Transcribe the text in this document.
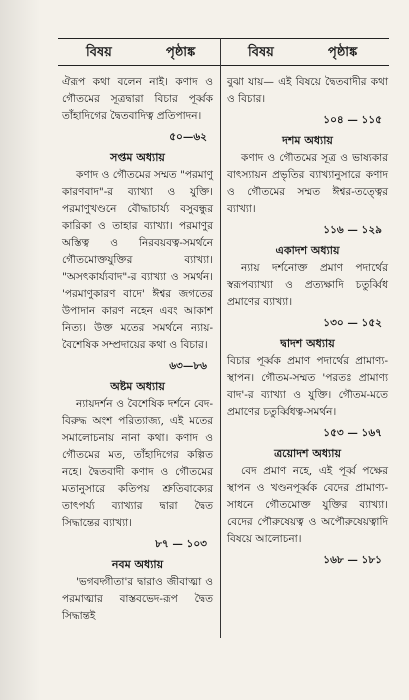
বিষয়	পৃষ্ঠাঙ্ক	বিষয়	পৃষ্ঠাঙ্ক

ঐরূপ কথা বলেন নাই। কণাদ ও গৌতমের সূত্রদ্বারা বিচার পূর্ব্বক তাঁহাদিগের দ্বৈতবাদিত্ব প্রতিপাদন।

৫০—৬২
সপ্তম অধ্যায়

কণাদ ও গৌতমের সম্মত "পরমাণু কারণবাদ"-র ব্যাখ্যা ও যুক্তি। পরমাণুখণ্ডনে বৌদ্ধাচার্য্য বসুবন্ধুর কারিকা ও তাহার ব্যাখ্যা। পরমাণুর অস্তিত্ব ও নিরবয়বত্ব-সমর্থনে গৌতমোক্তযুক্তির ব্যাখ্যা। "অসৎকার্য্যবাদ"-র ব্যাখ্যা ও সমর্থন। 'পরমাণুকারণ বাদে' ঈশ্বর জগতের উপাদান কারণ নহেন এবং আকাশ নিত্য। উক্ত মতের সমর্থনে ন্যায়-বৈশেষিক সম্প্রদায়ের কথা ও বিচার।

৬৩—৮৬
অষ্টম অধ্যায়

ন্যায়দর্শন ও বৈশেষিক দর্শনে বেদ-বিরুদ্ধ অংশ পরিত্যাজ্য, এই মতের সমালোচনায় নানা কথা। কণাদ ও গৌতমের মত, তাঁহাদিগের কল্পিত নহে। দ্বৈতবাদী কণাদ ও গৌতমের মতানুসারে কতিপয় শ্রুতিবাক্যের তাৎপর্য্য ব্যাখ্যার দ্বারা দ্বৈত সিদ্ধান্তের ব্যাখ্যা।

৮৭ — ১০৩
নবম অধ্যায়

'ভগবদ্গীতা'র দ্বারাও জীবাত্মা ও পরমাত্মার বাস্তবভেদ-রূপ দ্বৈত সিদ্ধান্তই

বুঝা যায়— এই বিষয়ে দ্বৈতবাদীর কথা ও বিচার।

১০৪ — ১১৫
দশম অধ্যায়

কণাদ ও গৌতমের সূত্র ও ভাষ্যকার বাৎস্যায়ন প্রভৃতির ব্যাখ্যানুসারে কণাদ ও গৌতমের সম্মত ঈশ্বর-তত্ত্বের ব্যাখ্যা।

১১৬ — ১২৯
একাদশ অধ্যায়

ন্যায় দর্শনোক্ত প্রমাণ পদার্থের স্বরূপব্যাখ্যা ও প্রত্যক্ষাদি চতুর্ব্বিধ প্রমাণের ব্যাখ্যা।

১৩০ — ১৫২
দ্বাদশ অধ্যায়

বিচার পূর্ব্বক প্রমাণ পদার্থের প্রামাণ্য-স্থাপন। গৌতম-সম্মত 'পরতঃ প্রামাণ্য বাদ'-র ব্যাখ্যা ও যুক্তি। গৌতম-মতে প্রমাণের চতুর্ব্বিধত্ব-সমর্থন।

১৫৩ — ১৬৭
ত্রয়োদশ অধ্যায়

বেদ প্রমাণ নহে, এই পূর্ব্ব পক্ষের স্থাপন ও খণ্ডনপূর্ব্বক বেদের প্রামাণ্য-সাধনে গৌতমোক্ত যুক্তির ব্যাখ্যা। বেদের পৌরুষেয়ত্ব ও অপৌরুষেয়ত্বাদি বিষয়ে আলোচনা।

১৬৮ — ১৮১
